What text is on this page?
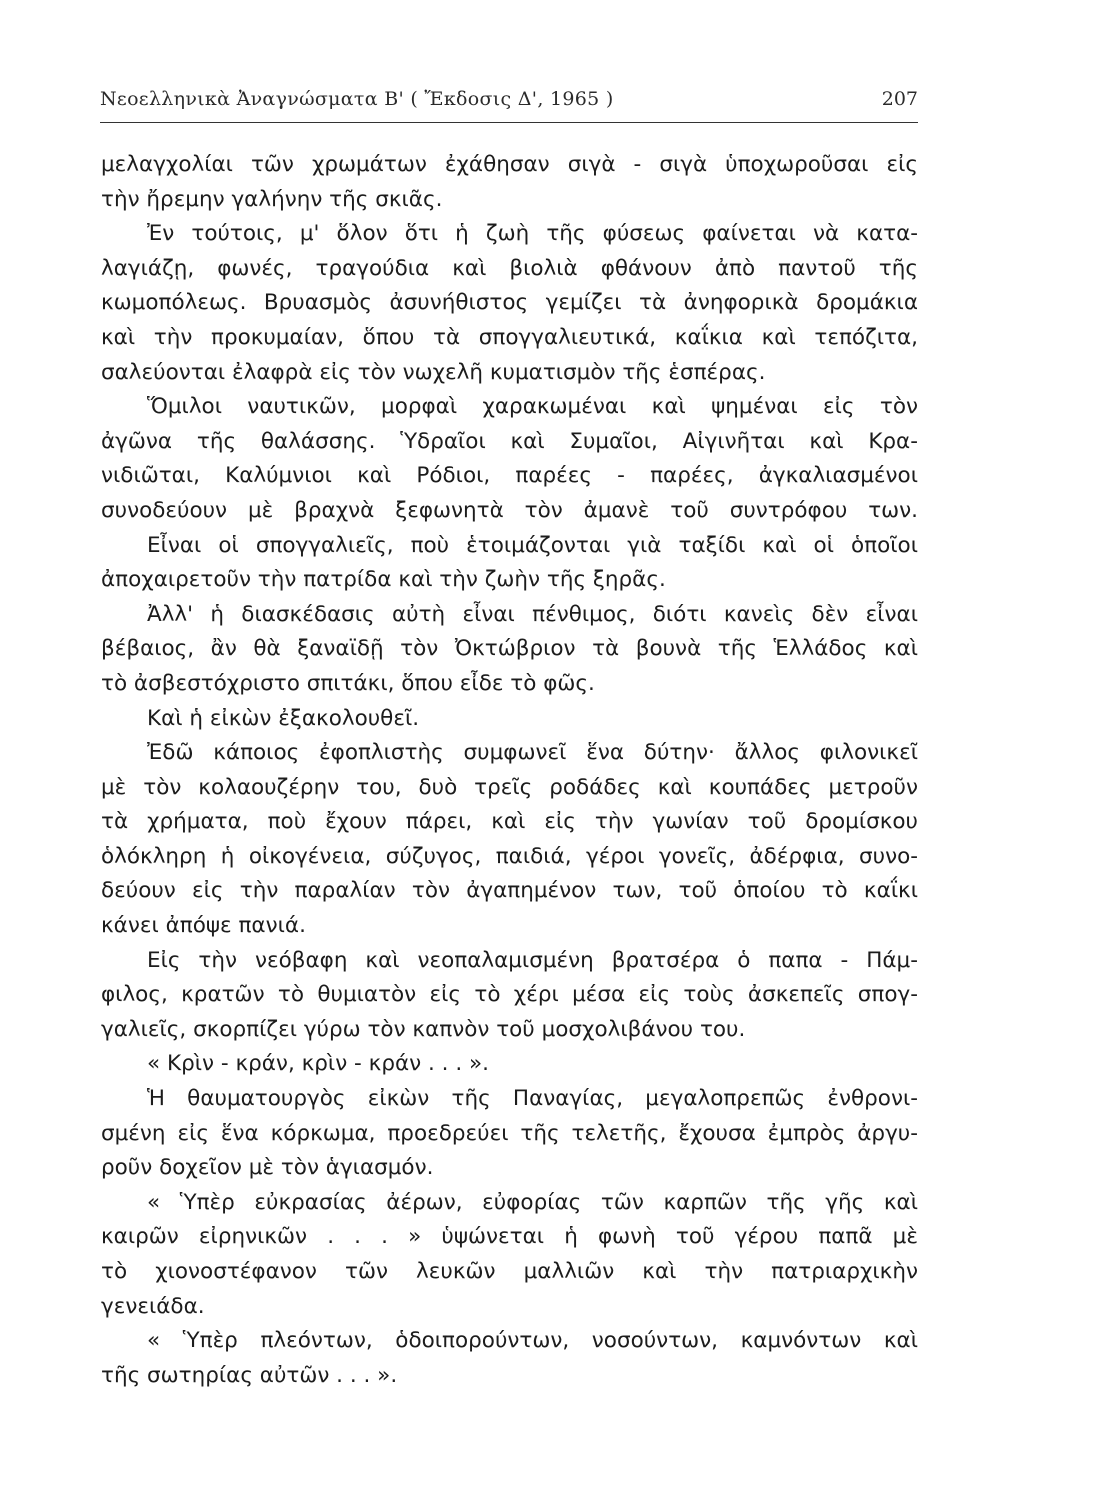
Νεοελληνικὰ Ἀναγνώσματα Β' ( Ἔκδοσις Δ', 1965 )	207
μελαγχολίαι τῶν χρωμάτων ἐχάθησαν σιγὰ - σιγὰ ὑποχωροῦσαι εἰς
τὴν ἤρεμην γαλήνην τῆς σκιᾶς.
Ἐν τούτοις, μ' ὅλον ὅτι ἡ ζωὴ τῆς φύσεως φαίνεται νὰ κατα-
λαγιάζῃ, φωνές, τραγούδια καὶ βιολιὰ φθάνουν ἀπὸ παντοῦ τῆς
κωμοπόλεως. Βρυασμὸς ἀσυνήθιστος γεμίζει τὰ ἀνηφορικὰ δρομάκια
καὶ τὴν προκυμαίαν, ὅπου τὰ σπογγαλιευτικά, καΐκια καὶ τεπόζιτα,
σαλεύονται ἐλαφρὰ εἰς τὸν νωχελῆ κυματισμὸν τῆς ἑσπέρας.
Ὅμιλοι ναυτικῶν, μορφαὶ χαρακωμέναι καὶ ψημέναι εἰς τὸν
ἀγῶνα τῆς θαλάσσης. Ὑδραῖοι καὶ Συμαῖοι, Αἰγινῆται καὶ Κρα-
νιδιῶται, Καλύμνιοι καὶ Ρόδιοι, παρέες - παρέες, ἀγκαλιασμένοι
συνοδεύουν μὲ βραχνὰ ξεφωνητὰ τὸν ἀμανὲ τοῦ συντρόφου των.
Εἶναι οἱ σπογγαλιεῖς, ποὺ ἑτοιμάζονται γιὰ ταξίδι καὶ οἱ ὁποῖοι
ἀποχαιρετοῦν τὴν πατρίδα καὶ τὴν ζωὴν τῆς ξηρᾶς.
Ἀλλ' ἡ διασκέδασις αὐτὴ εἶναι πένθιμος, διότι κανεὶς δὲν εἶναι
βέβαιος, ἂν θὰ ξαναϊδῇ τὸν Ὀκτώβριον τὰ βουνὰ τῆς Ἑλλάδος καὶ
τὸ ἀσβεστόχριστο σπιτάκι, ὅπου εἶδε τὸ φῶς.
Καὶ ἡ εἰκὼν ἐξακολουθεῖ.
Ἐδῶ κάποιος ἐφοπλιστὴς συμφωνεῖ ἕνα δύτην· ἄλλος φιλονικεῖ
μὲ τὸν κολαουζέρην του, δυὸ τρεῖς ροδάδες καὶ κουπάδες μετροῦν
τὰ χρήματα, ποὺ ἔχουν πάρει, καὶ εἰς τὴν γωνίαν τοῦ δρομίσκου
ὁλόκληρη ἡ οἰκογένεια, σύζυγος, παιδιά, γέροι γονεῖς, ἀδέρφια, συνο-
δεύουν εἰς τὴν παραλίαν τὸν ἀγαπημένον των, τοῦ ὁποίου τὸ καΐκι
κάνει ἀπόψε πανιά.
Εἰς τὴν νεόβαφη καὶ νεοπαλαμισμένη βρατσέρα ὁ παπα - Πάμ-
φιλος, κρατῶν τὸ θυμιατὸν εἰς τὸ χέρι μέσα εἰς τοὺς ἀσκεπεῖς σπογ-
γαλιεῖς, σκορπίζει γύρω τὸν καπνὸν τοῦ μοσχολιβάνου του.
« Κρὶν - κράν, κρὶν - κράν . . . ».
Ἡ θαυματουργὸς εἰκὼν τῆς Παναγίας, μεγαλοπρεπῶς ἐνθρονι-
σμένη εἰς ἕνα κόρκωμα, προεδρεύει τῆς τελετῆς, ἔχουσα ἐμπρὸς ἀργυ-
ροῦν δοχεῖον μὲ τὸν ἁγιασμόν.
« Ὑπὲρ εὐκρασίας ἀέρων, εὐφορίας τῶν καρπῶν τῆς γῆς καὶ
καιρῶν εἰρηνικῶν . . . » ὑψώνεται ἡ φωνὴ τοῦ γέρου παπᾶ μὲ
τὸ χιονοστέφανον τῶν λευκῶν μαλλιῶν καὶ τὴν πατριαρχικὴν
γενειάδα.
« Ὑπὲρ πλεόντων, ὁδοιπορούντων, νοσούντων, καμνόντων καὶ
τῆς σωτηρίας αὐτῶν . . . ».
